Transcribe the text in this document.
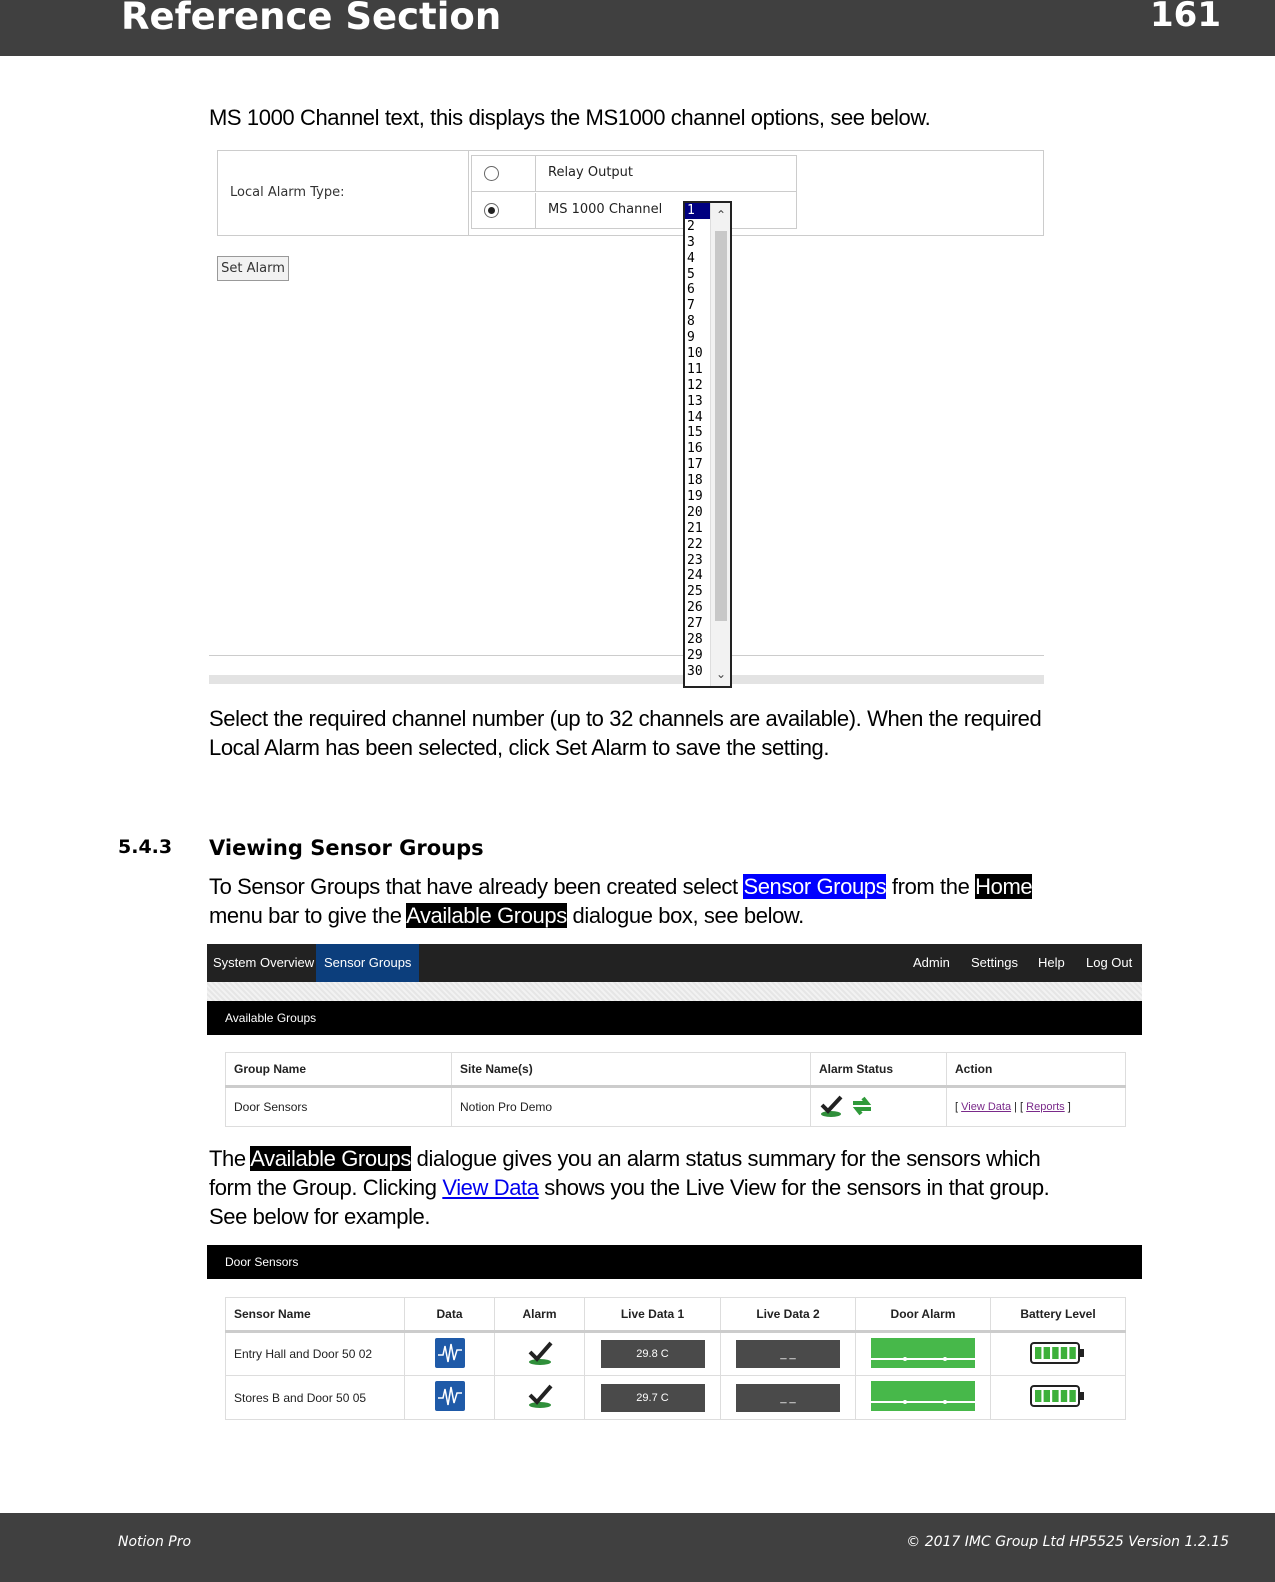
Reference Section	161
MS 1000 Channel text, this displays the MS1000 channel options, see below.
Local Alarm Type:
Relay Output
MS 1000 Channel
Set Alarm
1
2
3
4
5
6
7
8
9
10
11
12
13
14
15
16
17
18
19
20
21
22
23
24
25
26
27
28
29
30
⌃
⌄
Select the required channel number (up to 32 channels are available). When the required
Local Alarm has been selected, click Set Alarm to save the setting.
5.4.3 Viewing Sensor Groups
To Sensor Groups that have already been created select Sensor Groups from the Home
menu bar to give the Available Groups dialogue box, see below.
System Overview Sensor Groups	Admin Settings Help Log Out
Available Groups
Group Name	Site Name(s)	Alarm Status	Action
Door Sensors	Notion Pro Demo		[ View Data | [ Reports ]
The Available Groups dialogue gives you an alarm status summary for the sensors which
form the Group. Clicking View Data shows you the Live View for the sensors in that group.
See below for example.
Door Sensors
Sensor Name	Data	Alarm	Live Data 1	Live Data 2	Door Alarm	Battery Level
Entry Hall and Door 50 02			29.8 C	_ _		
Stores B and Door 50 05			29.7 C	_ _		
Notion Pro	© 2017 IMC Group Ltd HP5525 Version 1.2.15
